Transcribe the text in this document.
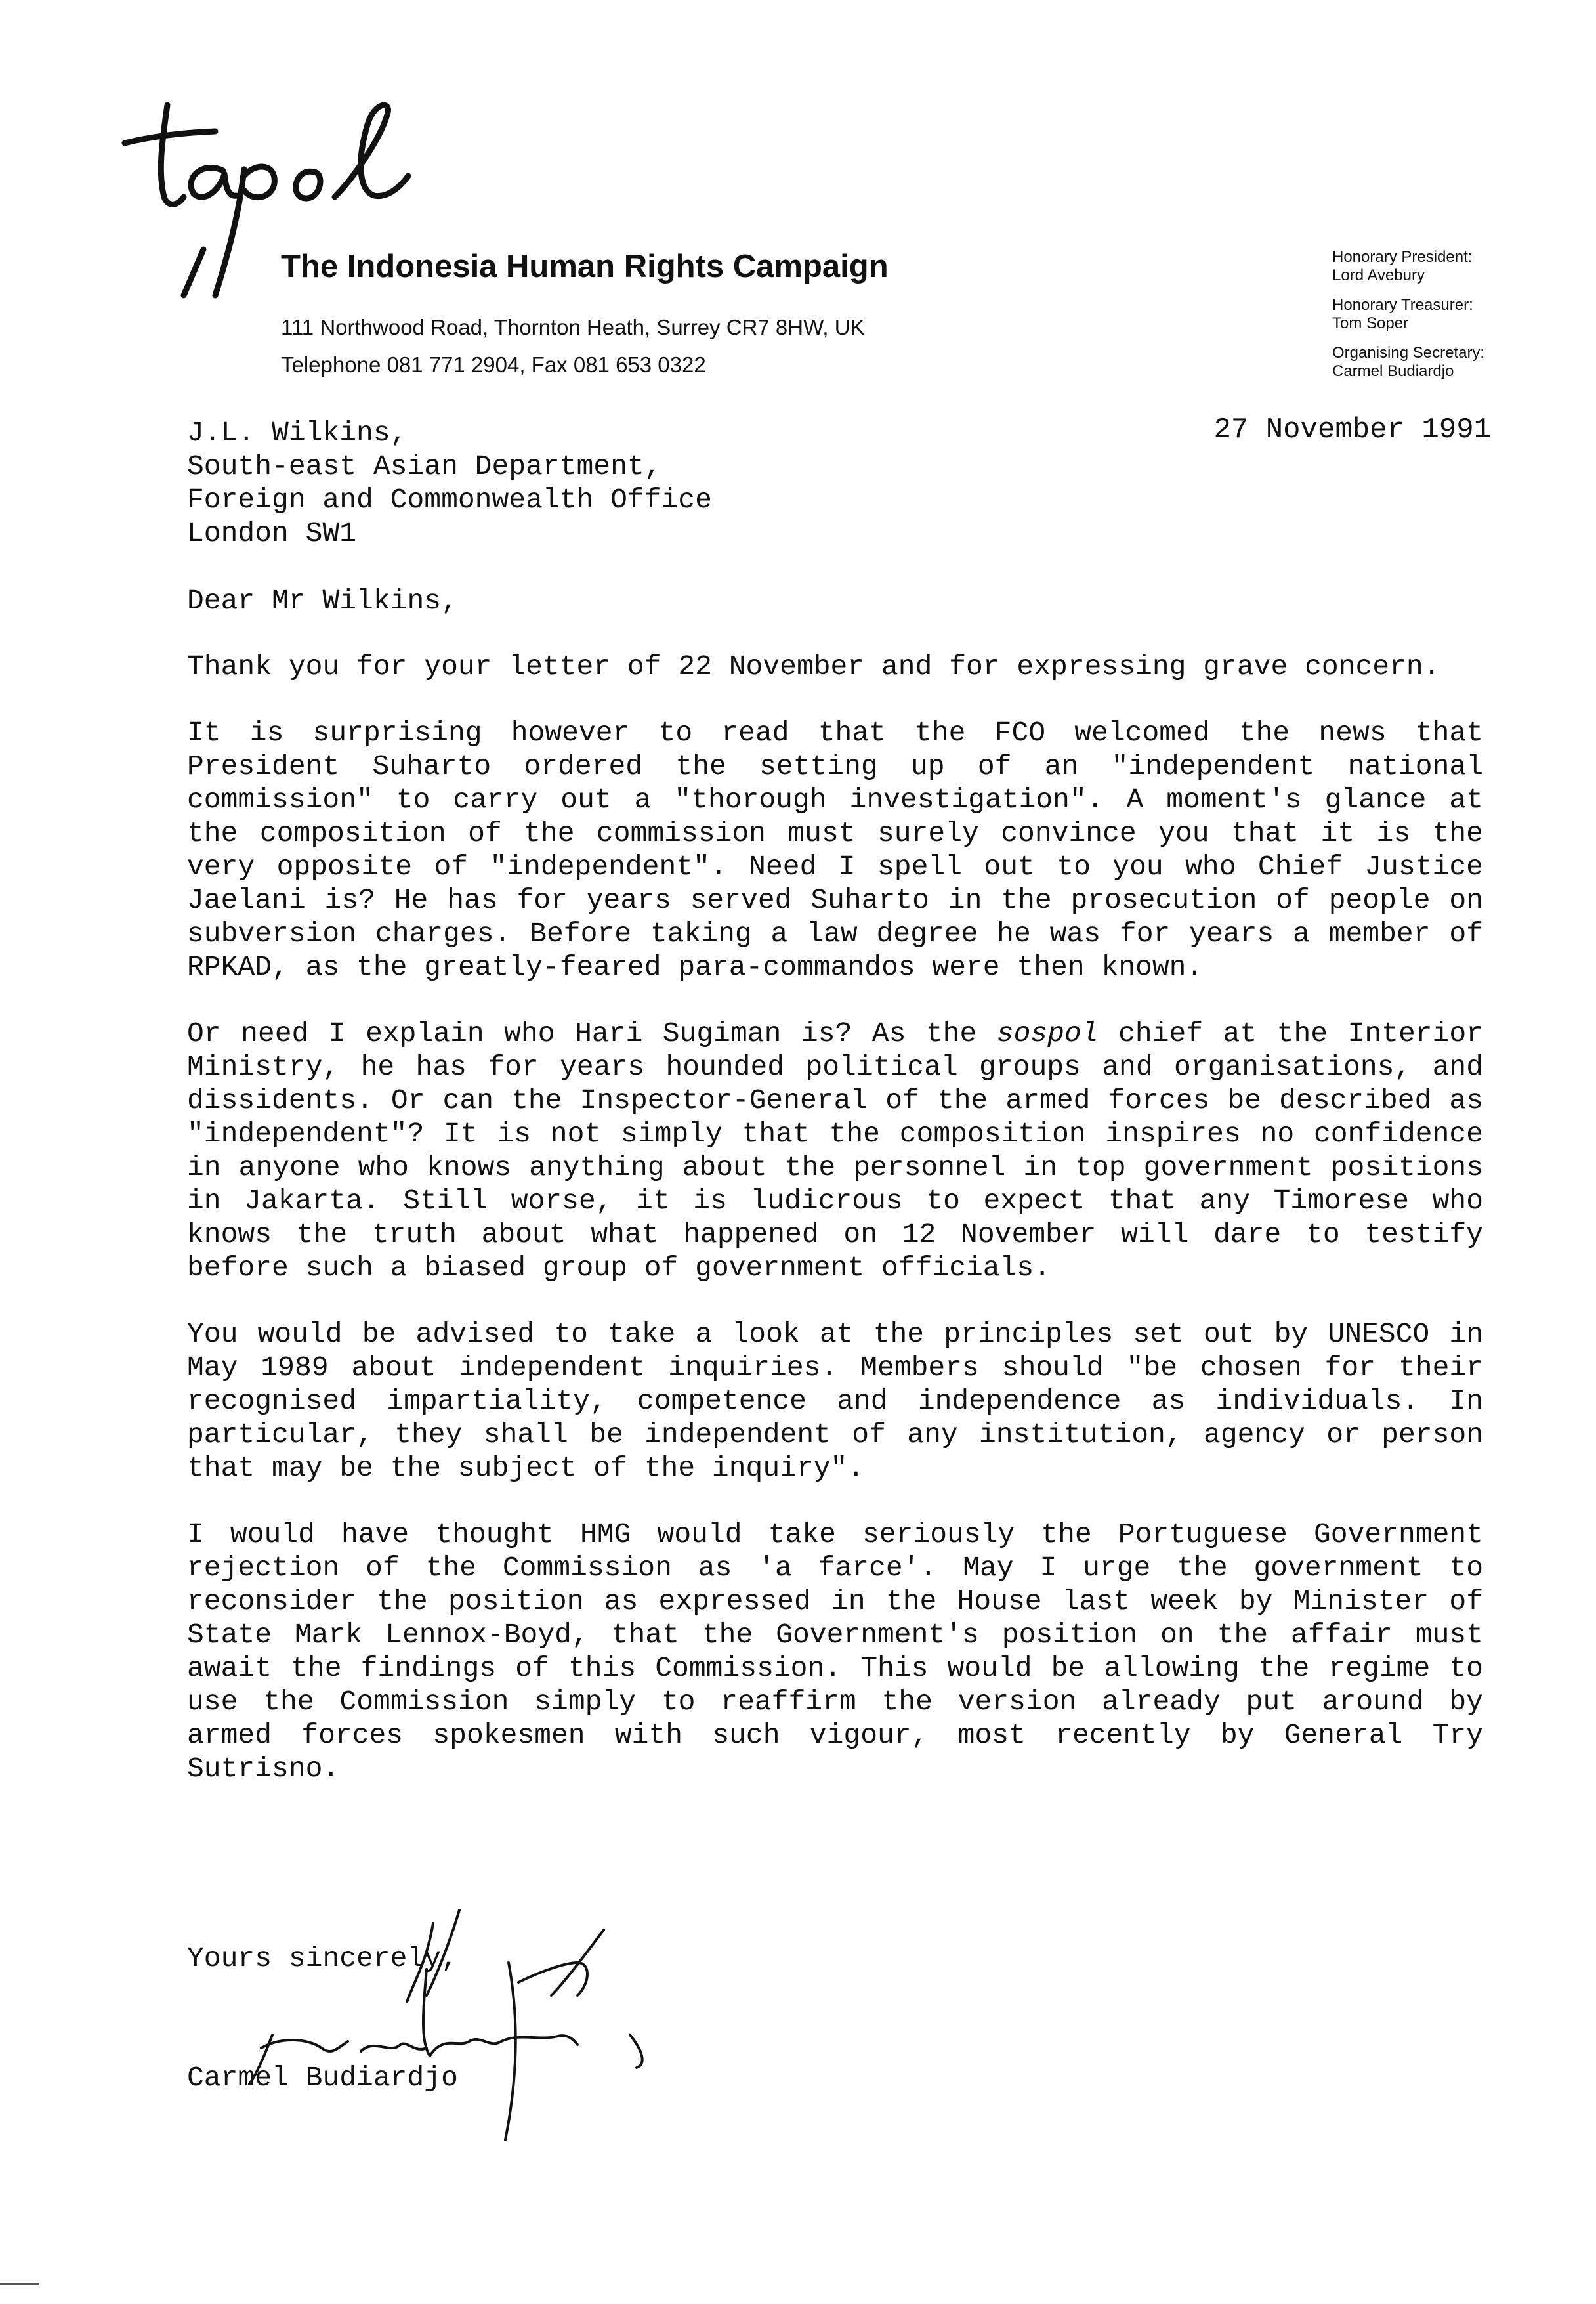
The Indonesia Human Rights Campaign
111 Northwood Road, Thornton Heath, Surrey CR7 8HW, UK
Telephone 081 771 2904, Fax 081 653 0322
Honorary President:
Lord Avebury
Honorary Treasurer:
Tom Soper
Organising Secretary:
Carmel Budiardjo
27 November 1991
J.L. Wilkins,
South-east Asian Department,
Foreign and Commonwealth Office
London SW1
Dear Mr Wilkins,

Thank you for your letter of 22 November and for expressing grave concern.

It is surprising however to read that the FCO welcomed the news that President Suharto ordered the setting up of an "independent national commission" to carry out a "thorough investigation". A moment's glance at the composition of the commission must surely convince you that it is the very opposite of "independent". Need I spell out to you who Chief Justice Jaelani is? He has for years served Suharto in the prosecution of people on subversion charges. Before taking a law degree he was for years a member of RPKAD, as the greatly-feared para-commandos were then known.

Or need I explain who Hari Sugiman is? As the sospol chief at the Interior Ministry, he has for years hounded political groups and organisations, and dissidents. Or can the Inspector-General of the armed forces be described as "independent"? It is not simply that the composition inspires no confidence in anyone who knows anything about the personnel in top government positions in Jakarta. Still worse, it is ludicrous to expect that any Timorese who knows the truth about what happened on 12 November will dare to testify before such a biased group of government officials.

You would be advised to take a look at the principles set out by UNESCO in May 1989 about independent inquiries. Members should "be chosen for their recognised impartiality, competence and independence as individuals. In particular, they shall be independent of any institution, agency or person that may be the subject of the inquiry".

I would have thought HMG would take seriously the Portuguese Government rejection of the Commission as 'a farce'. May I urge the government to reconsider the position as expressed in the House last week by Minister of State Mark Lennox-Boyd, that the Government's position on the affair must await the findings of this Commission. This would be allowing the regime to use the Commission simply to reaffirm the version already put around by armed forces spokesmen with such vigour, most recently by General Try Sutrisno.

Yours sincerely,
Carmel Budiardjo
